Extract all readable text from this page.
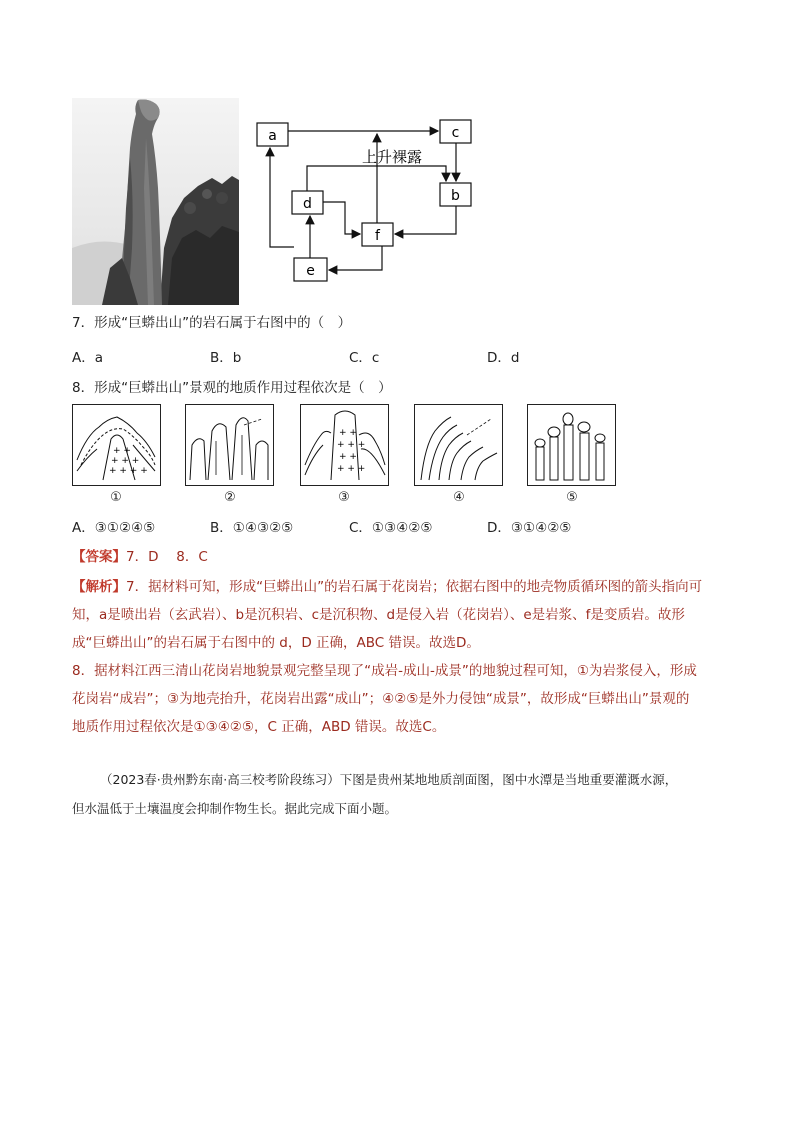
a	c
b
d
f
e
上升裸露
7．形成“巨蟒出山”的岩石属于右图中的（　）
A．a	B．b	C．c	D．d
8．形成“巨蟒出山”景观的地质作用过程依次是（　）
+ +
+ + +
+ + + +
+ +
+ + +
+ +
+ + +
①	②	③	④	⑤
A．③①②④⑤	B．①④③②⑤	C．①③④②⑤	D．③①④②⑤
【答案】7．D　 8．C
【解析】7．据材料可知，形成“巨蟒出山”的岩石属于花岗岩；依据右图中的地壳物质循环图的箭头指向可
知，a是喷出岩（玄武岩）、b是沉积岩、c是沉积物、d是侵入岩（花岗岩）、e是岩浆、f是变质岩。故形
成“巨蟒出山”的岩石属于右图中的 d，D 正确，ABC 错误。故选D。
8．据材料江西三清山花岗岩地貌景观完整呈现了“成岩-成山-成景”的地貌过程可知，①为岩浆侵入，形成
花岗岩“成岩”；③为地壳抬升，花岗岩出露“成山”；④②⑤是外力侵蚀“成景”，故形成“巨蟒出山”景观的
地质作用过程依次是①③④②⑤，C 正确，ABD 错误。故选C。
（2023春·贵州黔东南·高三校考阶段练习）下图是贵州某地地质剖面图，图中水潭是当地重要灌溉水源，
但水温低于土壤温度会抑制作物生长。据此完成下面小题。
